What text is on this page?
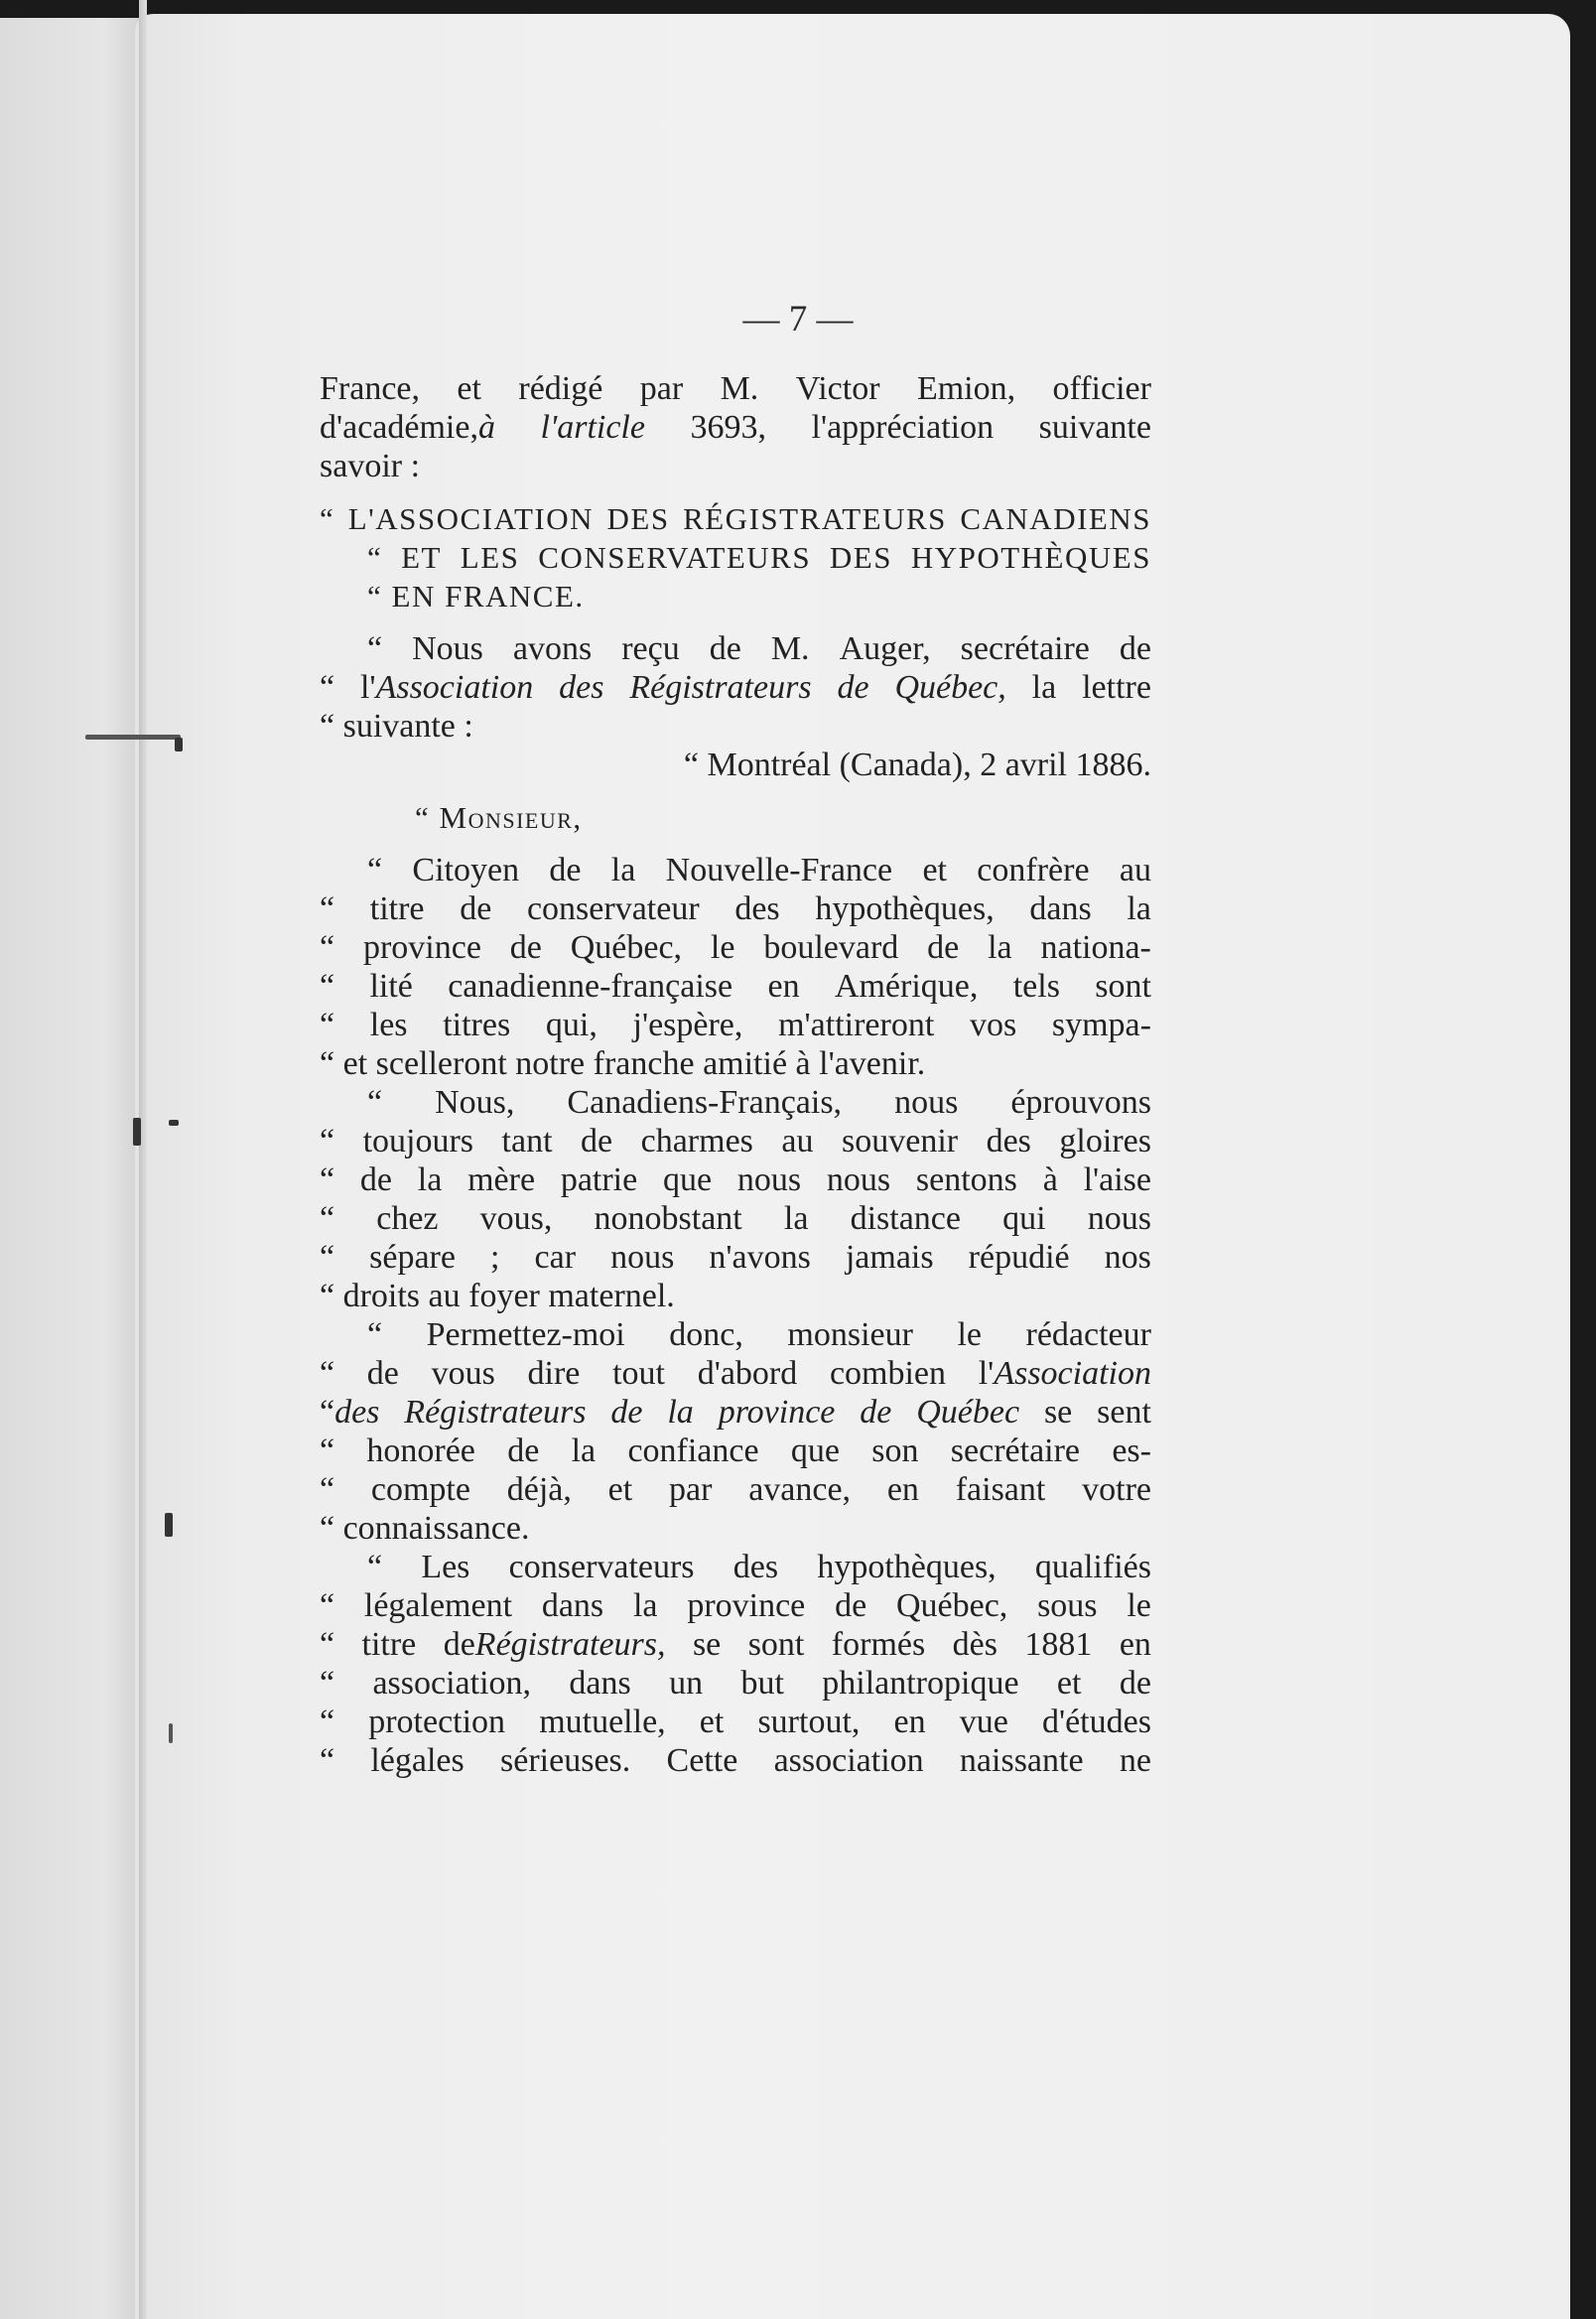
— 7 —
France, et rédigé par M. Victor Emion, officier
d'académie,à l'article 3693, l'appréciation suivante
savoir :
“ L'ASSOCIATION DES RÉGISTRATEURS CANADIENS
“ ET LES CONSERVATEURS DES HYPOTHÈQUES
“ EN FRANCE.
“ Nous avons reçu de M. Auger, secrétaire de
“ l'Association des Régistrateurs de Québec, la lettre
“ suivante :
“ Montréal (Canada), 2 avril 1886.
“ Monsieur,
“ Citoyen de la Nouvelle-France et confrère au
“ titre de conservateur des hypothèques, dans la
“ province de Québec, le boulevard de la nationa-
“ lité canadienne-française en Amérique, tels sont
“ les titres qui, j'espère, m'attireront vos sympa-
“ et scelleront notre franche amitié à l'avenir.
“ Nous, Canadiens-Français, nous éprouvons
“ toujours tant de charmes au souvenir des gloires
“ de la mère patrie que nous nous sentons à l'aise
“ chez vous, nonobstant la distance qui nous
“ sépare ; car nous n'avons jamais répudié nos
“ droits au foyer maternel.
“ Permettez-moi donc, monsieur le rédacteur
“ de vous dire tout d'abord combien l'Association
“des Régistrateurs de la province de Québec se sent
“ honorée de la confiance que son secrétaire es-
“ compte déjà, et par avance, en faisant votre
“ connaissance.
“ Les conservateurs des hypothèques, qualifiés
“ légalement dans la province de Québec, sous le
“ titre deRégistrateurs, se sont formés dès 1881 en
“ association, dans un but philantropique et de
“ protection mutuelle, et surtout, en vue d'études
“ légales sérieuses. Cette association naissante ne
